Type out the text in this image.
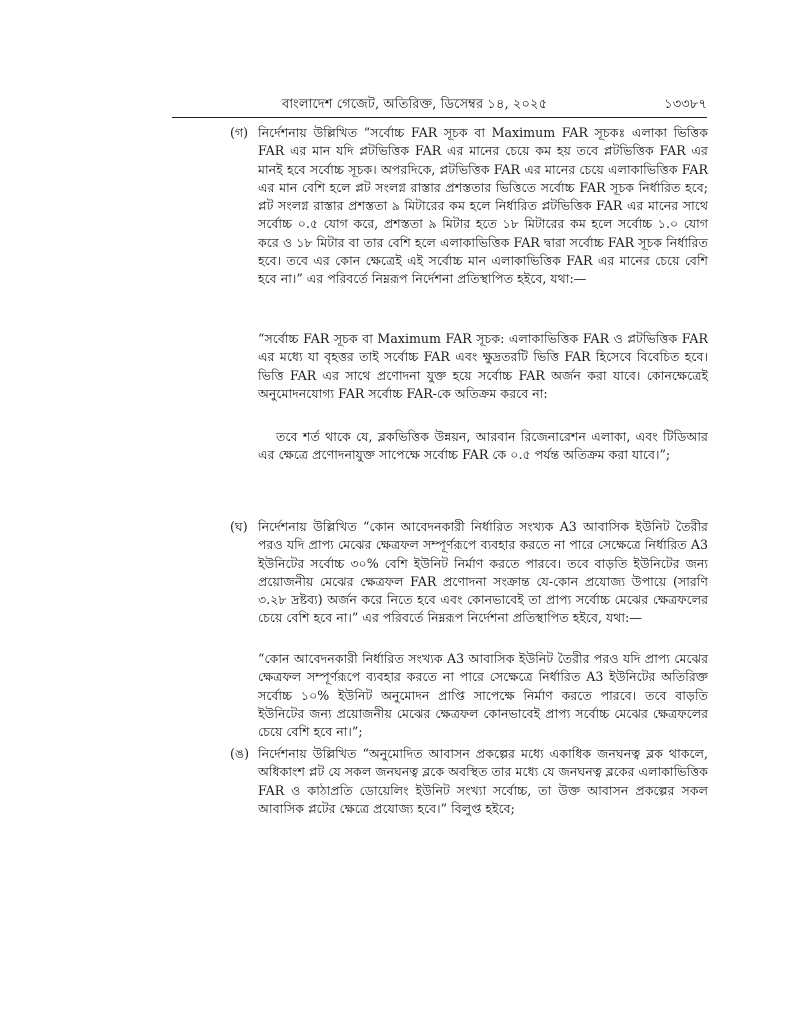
বাংলাদেশ গেজেট, অতিরিক্ত, ডিসেম্বর ১৪, ২০২৫	১৩৩৮৭
(গ) নির্দেশনায় উল্লিখিত “সর্বোচ্চ FAR সূচক বা Maximum FAR সূচকঃ এলাকা ভিত্তিক FAR এর মান যদি প্লটভিত্তিক FAR এর মানের চেয়ে কম হয় তবে প্লটভিত্তিক FAR এর মানই হবে সর্বোচ্চ সূচক। অপরদিকে, প্লটভিত্তিক FAR এর মানের চেয়ে এলাকাভিত্তিক FAR এর মান বেশি হলে প্লট সংলগ্ন রাস্তার প্রশস্ততার ভিত্তিতে সর্বোচ্চ FAR সূচক নির্ধারিত হবে; প্লট সংলগ্ন রাস্তার প্রশস্ততা ৯ মিটারের কম হলে নির্ধারিত প্লটভিত্তিক FAR এর মানের সাথে সর্বোচ্চ ০.৫ যোগ করে, প্রশস্ততা ৯ মিটার হতে ১৮ মিটারের কম হলে সর্বোচ্চ ১.০ যোগ করে ও ১৮ মিটার বা তার বেশি হলে এলাকাভিত্তিক FAR দ্বারা সর্বোচ্চ FAR সূচক নির্ধারিত হবে। তবে এর কোন ক্ষেত্রেই এই সর্বোচ্চ মান এলাকাভিত্তিক FAR এর মানের চেয়ে বেশি হবে না।” এর পরিবর্তে নিম্নরূপ নির্দেশনা প্রতিস্থাপিত হইবে, যথা:—
“সর্বোচ্চ FAR সূচক বা Maximum FAR সূচক: এলাকাভিত্তিক FAR ও প্লটভিত্তিক FAR এর মধ্যে যা বৃহত্তর তাই সর্বোচ্চ FAR এবং ক্ষুদ্রতরটি ভিত্তি FAR হিসেবে বিবেচিত হবে। ভিত্তি FAR এর সাথে প্রণোদনা যুক্ত হয়ে সর্বোচ্চ FAR অর্জন করা যাবে। কোনক্ষেত্রেই অনুমোদনযোগ্য FAR সর্বোচ্চ FAR-কে অতিক্রম করবে না:
তবে শর্ত থাকে যে, ব্লকভিত্তিক উন্নয়ন, আরবান রিজেনারেশন এলাকা, এবং টিডিআর এর ক্ষেত্রে প্রণোদনাযুক্ত সাপেক্ষে সর্বোচ্চ FAR কে ০.৫ পর্যন্ত অতিক্রম করা যাবে।”;
(ঘ) নির্দেশনায় উল্লিখিত “কোন আবেদনকারী নির্ধারিত সংখ্যক A3 আবাসিক ইউনিট তৈরীর পরও যদি প্রাপ্য মেঝের ক্ষেত্রফল সম্পূর্ণরূপে ব্যবহার করতে না পারে সেক্ষেত্রে নির্ধারিত A3 ইউনিটের সর্বোচ্চ ৩০% বেশি ইউনিট নির্মাণ করতে পারবে। তবে বাড়তি ইউনিটের জন্য প্রয়োজনীয় মেঝের ক্ষেত্রফল FAR প্রণোদনা সংক্রান্ত যে-কোন প্রযোজ্য উপায়ে (সারণি ৩.২৮ দ্রষ্টব্য) অর্জন করে নিতে হবে এবং কোনভাবেই তা প্রাপ্য সর্বোচ্চ মেঝের ক্ষেত্রফলের চেয়ে বেশি হবে না।” এর পরিবর্তে নিম্নরূপ নির্দেশনা প্রতিস্থাপিত হইবে, যথা:—
“কোন আবেদনকারী নির্ধারিত সংখ্যক A3 আবাসিক ইউনিট তৈরীর পরও যদি প্রাপ্য মেঝের ক্ষেত্রফল সম্পূর্ণরূপে ব্যবহার করতে না পারে সেক্ষেত্রে নির্ধারিত A3 ইউনিটের অতিরিক্ত সর্বোচ্চ ১০% ইউনিট অনুমোদন প্রাপ্তি সাপেক্ষে নির্মাণ করতে পারবে। তবে বাড়তি ইউনিটের জন্য প্রয়োজনীয় মেঝের ক্ষেত্রফল কোনভাবেই প্রাপ্য সর্বোচ্চ মেঝের ক্ষেত্রফলের চেয়ে বেশি হবে না।”;
(ঙ) নির্দেশনায় উল্লিখিত “অনুমোদিত আবাসন প্রকল্পের মধ্যে একাধিক জনঘনত্ব ব্লক থাকলে, অধিকাংশ প্লট যে সকল জনঘনত্ব ব্লকে অবস্থিত তার মধ্যে যে জনঘনত্ব ব্লকের এলাকাভিত্তিক FAR ও কাঠাপ্রতি ডোয়েলিং ইউনিট সংখ্যা সর্বোচ্চ, তা উক্ত আবাসন প্রকল্পের সকল আবাসিক প্লটের ক্ষেত্রে প্রযোজ্য হবে।” বিলুপ্ত হইবে;
